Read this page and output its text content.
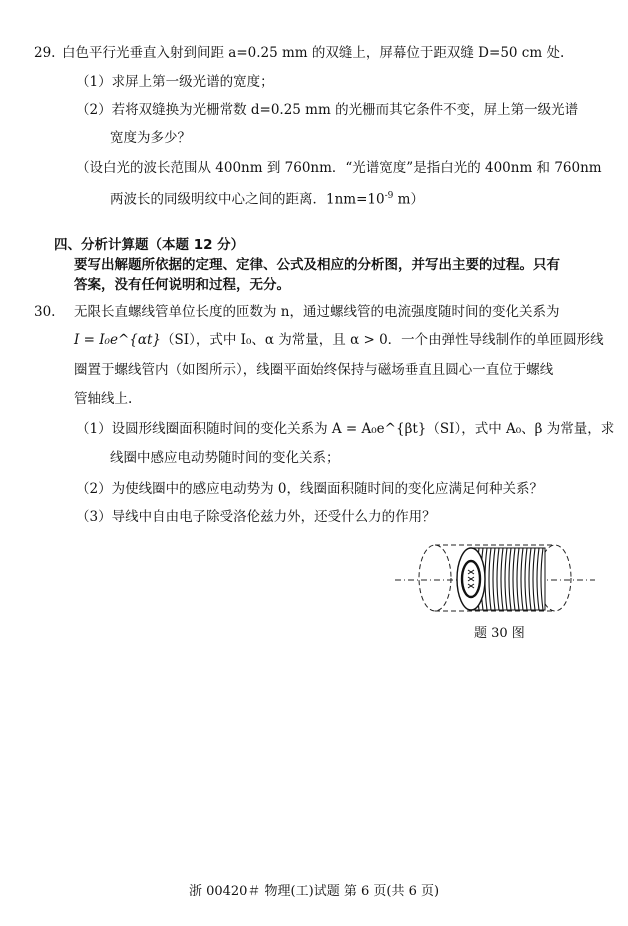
29. 白色平行光垂直入射到间距 a=0.25 mm 的双缝上，屏幕位于距双缝 D=50 cm 处.
（1）求屏上第一级光谱的宽度；
（2）若将双缝换为光栅常数 d=0.25 mm 的光栅而其它条件不变，屏上第一级光谱
宽度为多少？
（设白光的波长范围从 400nm 到 760nm．“光谱宽度”是指白光的 400nm 和 760nm
两波长的同级明纹中心之间的距离．$1nm=10^{-9}$ m）
四、分析计算题（本题 12 分）
要写出解题所依据的定理、定律、公式及相应的分析图，并写出主要的过程。只有
答案，没有任何说明和过程，无分。
30. 无限长直螺线管单位长度的匝数为 n，通过螺线管的电流强度随时间的变化关系为
I = I₀e^{αt}（SI），式中 I₀、α 为常量，且 α > 0．一个由弹性导线制作的单匝圆形线
圈置于螺线管内（如图所示），线圈平面始终保持与磁场垂直且圆心一直位于螺线
管轴线上.
（1）设圆形线圈面积随时间的变化关系为 A = A₀e^{βt}（SI），式中 A₀、β 为常量，求
线圈中感应电动势随时间的变化关系；
（2）为使线圈中的感应电动势为 0，线圈面积随时间的变化应满足何种关系？
（3）导线中自由电子除受洛伦兹力外，还受什么力的作用？
题 30 图
浙 00420＃ 物理(工)试题 第 6 页(共 6 页)
